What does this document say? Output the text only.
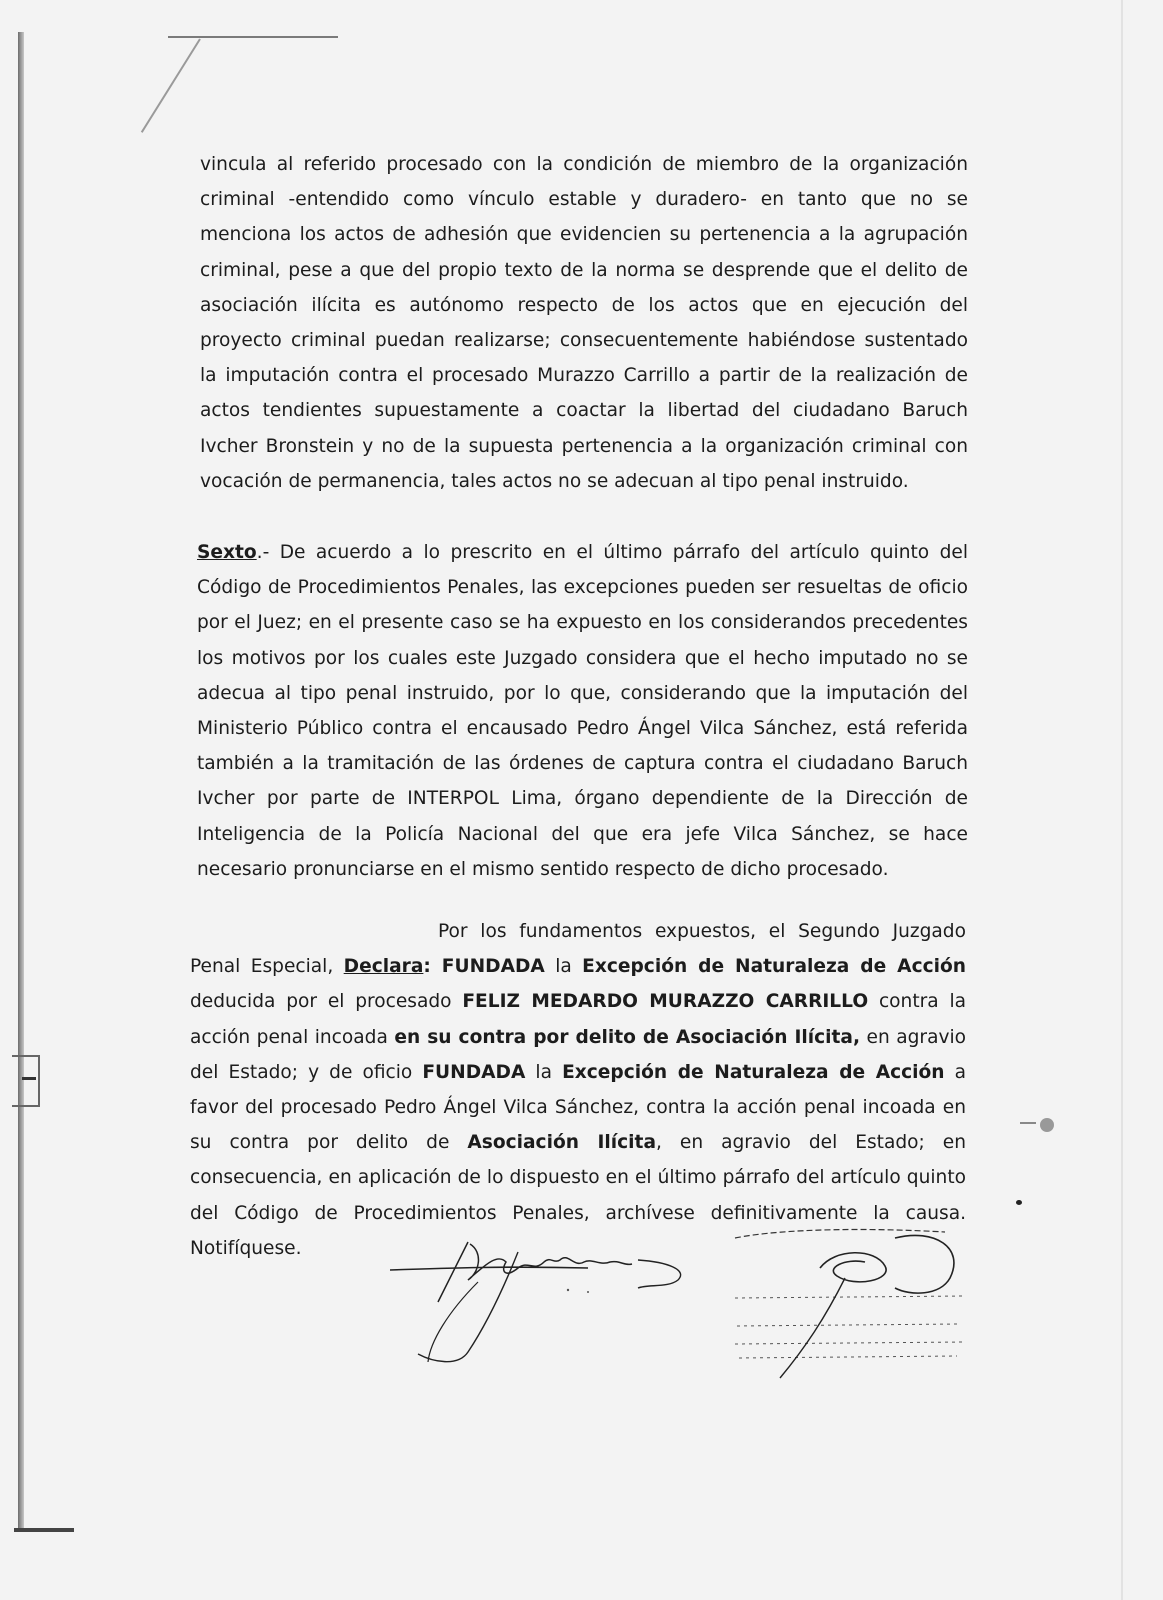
vincula al referido procesado con la condición de miembro de la organización criminal -entendido como vínculo estable y duradero- en tanto que no se menciona los actos de adhesión que evidencien su pertenencia a la agrupación criminal, pese a que del propio texto de la norma se desprende que el delito de asociación ilícita es autónomo respecto de los actos que en ejecución del proyecto criminal puedan realizarse; consecuentemente habiéndose sustentado la imputación contra el procesado Murazzo Carrillo a partir de la realización de actos tendientes supuestamente a coactar la libertad del ciudadano Baruch Ivcher Bronstein y no de la supuesta pertenencia a la organización criminal con vocación de permanencia, tales actos no se adecuan al tipo penal instruido.

Sexto.- De acuerdo a lo prescrito en el último párrafo del artículo quinto del Código de Procedimientos Penales, las excepciones pueden ser resueltas de oficio por el Juez; en el presente caso se ha expuesto en los considerandos precedentes los motivos por los cuales este Juzgado considera que el hecho imputado no se adecua al tipo penal instruido, por lo que, considerando que la imputación del Ministerio Público contra el encausado Pedro Ángel Vilca Sánchez, está referida también a la tramitación de las órdenes de captura contra el ciudadano Baruch Ivcher por parte de INTERPOL Lima, órgano dependiente de la Dirección de Inteligencia de la Policía Nacional del que era jefe Vilca Sánchez, se hace necesario pronunciarse en el mismo sentido respecto de dicho procesado.

Por los fundamentos expuestos, el Segundo Juzgado Penal Especial, Declara: FUNDADA la Excepción de Naturaleza de Acción deducida por el procesado FELIZ MEDARDO MURAZZO CARRILLO contra la acción penal incoada en su contra por delito de Asociación Ilícita, en agravio del Estado; y de oficio FUNDADA la Excepción de Naturaleza de Acción a favor del procesado Pedro Ángel Vilca Sánchez, contra la acción penal incoada en su contra por delito de Asociación Ilícita, en agravio del Estado; en consecuencia, en aplicación de lo dispuesto en el último párrafo del artículo quinto del Código de Procedimientos Penales, archívese definitivamente la causa. Notifíquese.
